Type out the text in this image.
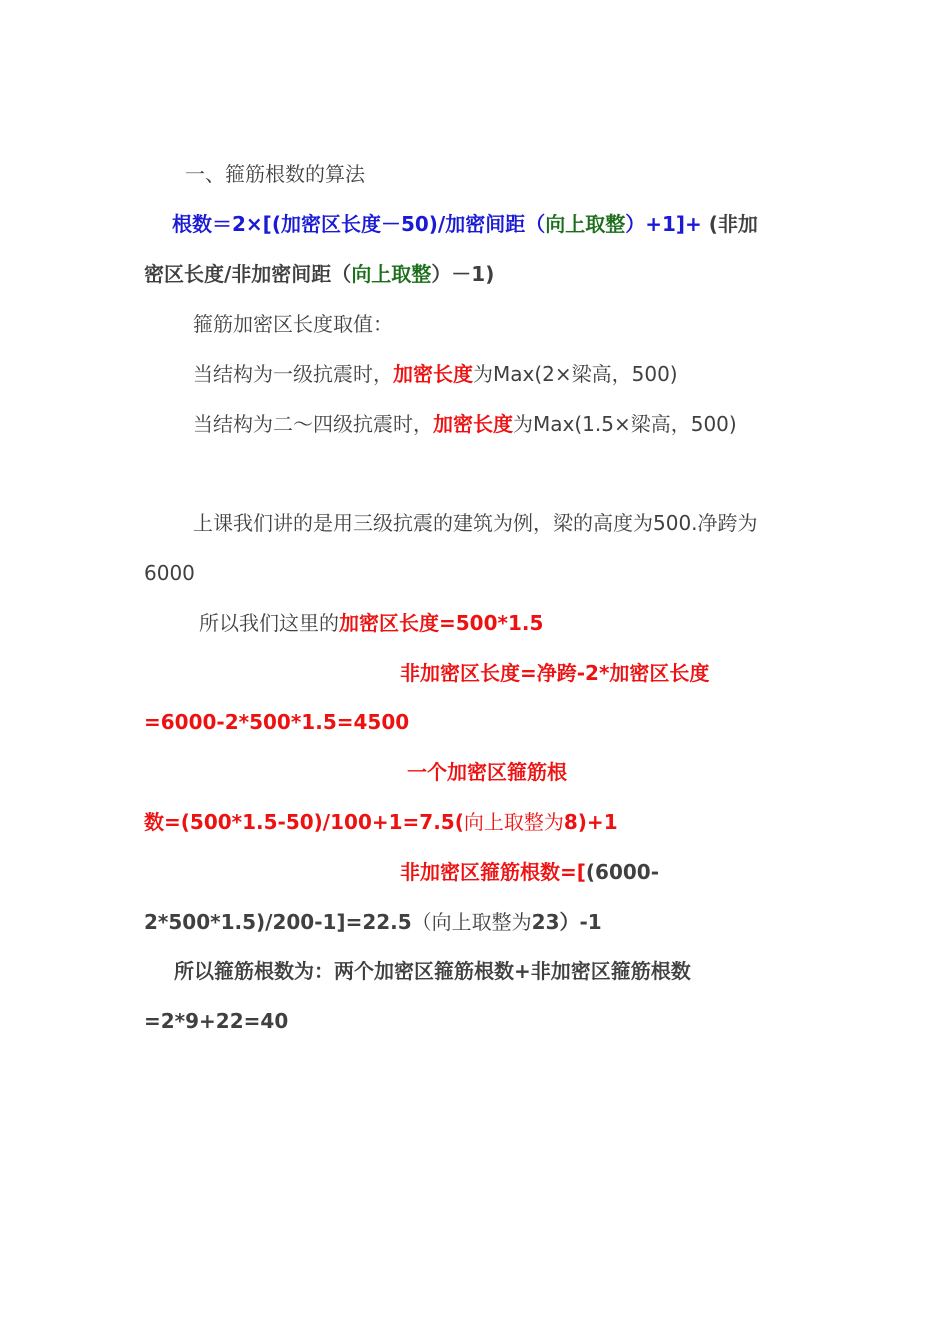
一、箍筋根数的算法
根数＝2×[(加密区长度－50)/加密间距（向上取整）+1]+ (非加
密区长度/非加密间距（向上取整）－1)
箍筋加密区长度取值：
当结构为一级抗震时，加密长度为Max(2×梁高，500)
当结构为二～四级抗震时，加密长度为Max(1.5×梁高，500)
上课我们讲的是用三级抗震的建筑为例，梁的高度为500.净跨为
6000
所以我们这里的加密区长度=500*1.5
非加密区长度=净跨-2*加密区长度
=6000-2*500*1.5=4500
一个加密区箍筋根
数=(500*1.5-50)/100+1=7.5(向上取整为8)+1
非加密区箍筋根数=[(6000-
2*500*1.5)/200-1]=22.5（向上取整为23）-1
所以箍筋根数为：两个加密区箍筋根数+非加密区箍筋根数
=2*9+22=40
